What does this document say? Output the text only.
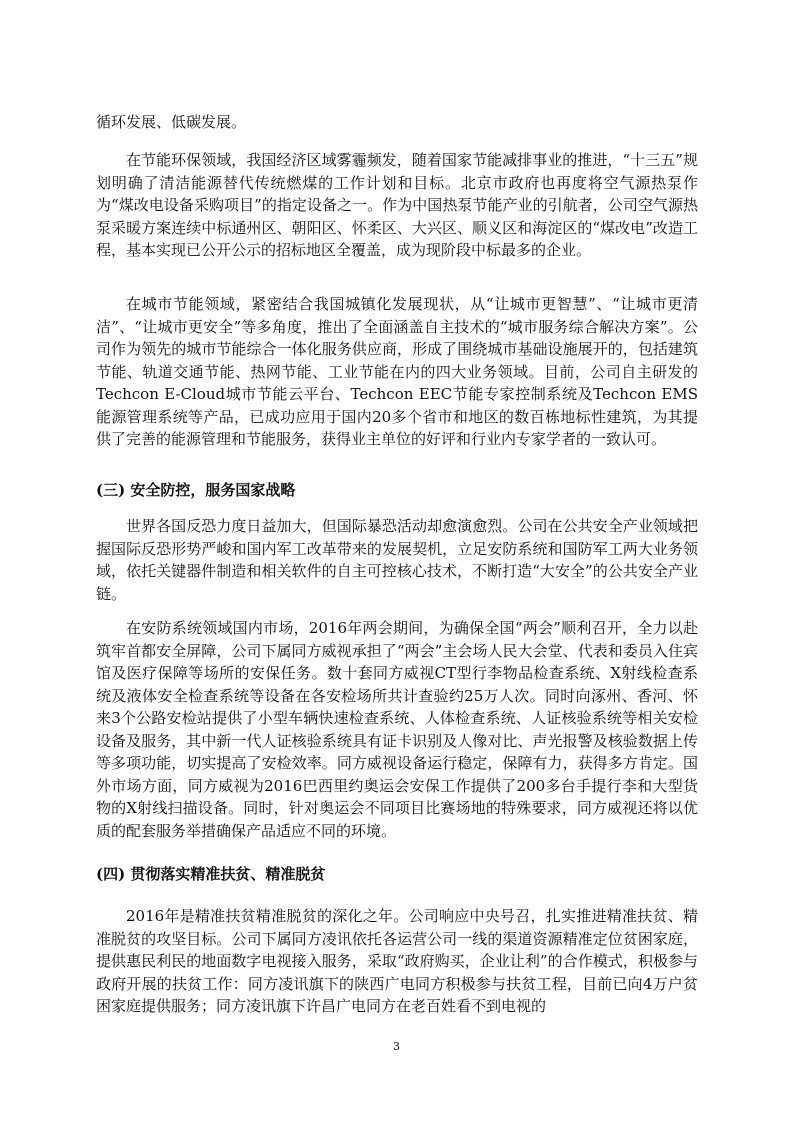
循环发展、低碳发展。

在节能环保领域，我国经济区域雾霾频发，随着国家节能减排事业的推进，“十三五”规划明确了清洁能源替代传统燃煤的工作计划和目标。北京市政府也再度将空气源热泵作为“煤改电设备采购项目”的指定设备之一。作为中国热泵节能产业的引航者，公司空气源热泵采暖方案连续中标通州区、朝阳区、怀柔区、大兴区、顺义区和海淀区的“煤改电”改造工程，基本实现已公开公示的招标地区全覆盖，成为现阶段中标最多的企业。

在城市节能领域，紧密结合我国城镇化发展现状，从“让城市更智慧”、“让城市更清洁”、“让城市更安全”等多角度，推出了全面涵盖自主技术的“城市服务综合解决方案”。公司作为领先的城市节能综合一体化服务供应商，形成了围绕城市基础设施展开的，包括建筑节能、轨道交通节能、热网节能、工业节能在内的四大业务领域。目前，公司自主研发的Techcon E-Cloud城市节能云平台、Techcon EEC节能专家控制系统及Techcon EMS能源管理系统等产品，已成功应用于国内20多个省市和地区的数百栋地标性建筑，为其提供了完善的能源管理和节能服务，获得业主单位的好评和行业内专家学者的一致认可。

(三) 安全防控，服务国家战略

世界各国反恐力度日益加大，但国际暴恐活动却愈演愈烈。公司在公共安全产业领域把握国际反恐形势严峻和国内军工改革带来的发展契机，立足安防系统和国防军工两大业务领域，依托关键器件制造和相关软件的自主可控核心技术，不断打造“大安全”的公共安全产业链。

在安防系统领域国内市场，2016年两会期间，为确保全国“两会”顺利召开，全力以赴筑牢首都安全屏障，公司下属同方威视承担了“两会”主会场人民大会堂、代表和委员入住宾馆及医疗保障等场所的安保任务。数十套同方威视CT型行李物品检查系统、X射线检查系统及液体安全检查系统等设备在各安检场所共计查验约25万人次。同时向涿州、香河、怀来3个公路安检站提供了小型车辆快速检查系统、人体检查系统、人证核验系统等相关安检设备及服务，其中新一代人证核验系统具有证卡识别及人像对比、声光报警及核验数据上传等多项功能，切实提高了安检效率。同方威视设备运行稳定，保障有力，获得多方肯定。国外市场方面，同方威视为2016巴西里约奥运会安保工作提供了200多台手提行李和大型货物的X射线扫描设备。同时，针对奥运会不同项目比赛场地的特殊要求，同方威视还将以优质的配套服务举措确保产品适应不同的环境。

(四) 贯彻落实精准扶贫、精准脱贫

2016年是精准扶贫精准脱贫的深化之年。公司响应中央号召，扎实推进精准扶贫、精准脱贫的攻坚目标。公司下属同方凌讯依托各运营公司一线的渠道资源精准定位贫困家庭，提供惠民利民的地面数字电视接入服务，采取“政府购买，企业让利”的合作模式，积极参与政府开展的扶贫工作：同方凌讯旗下的陕西广电同方积极参与扶贫工程，目前已向4万户贫困家庭提供服务；同方凌讯旗下许昌广电同方在老百姓看不到电视的

3
